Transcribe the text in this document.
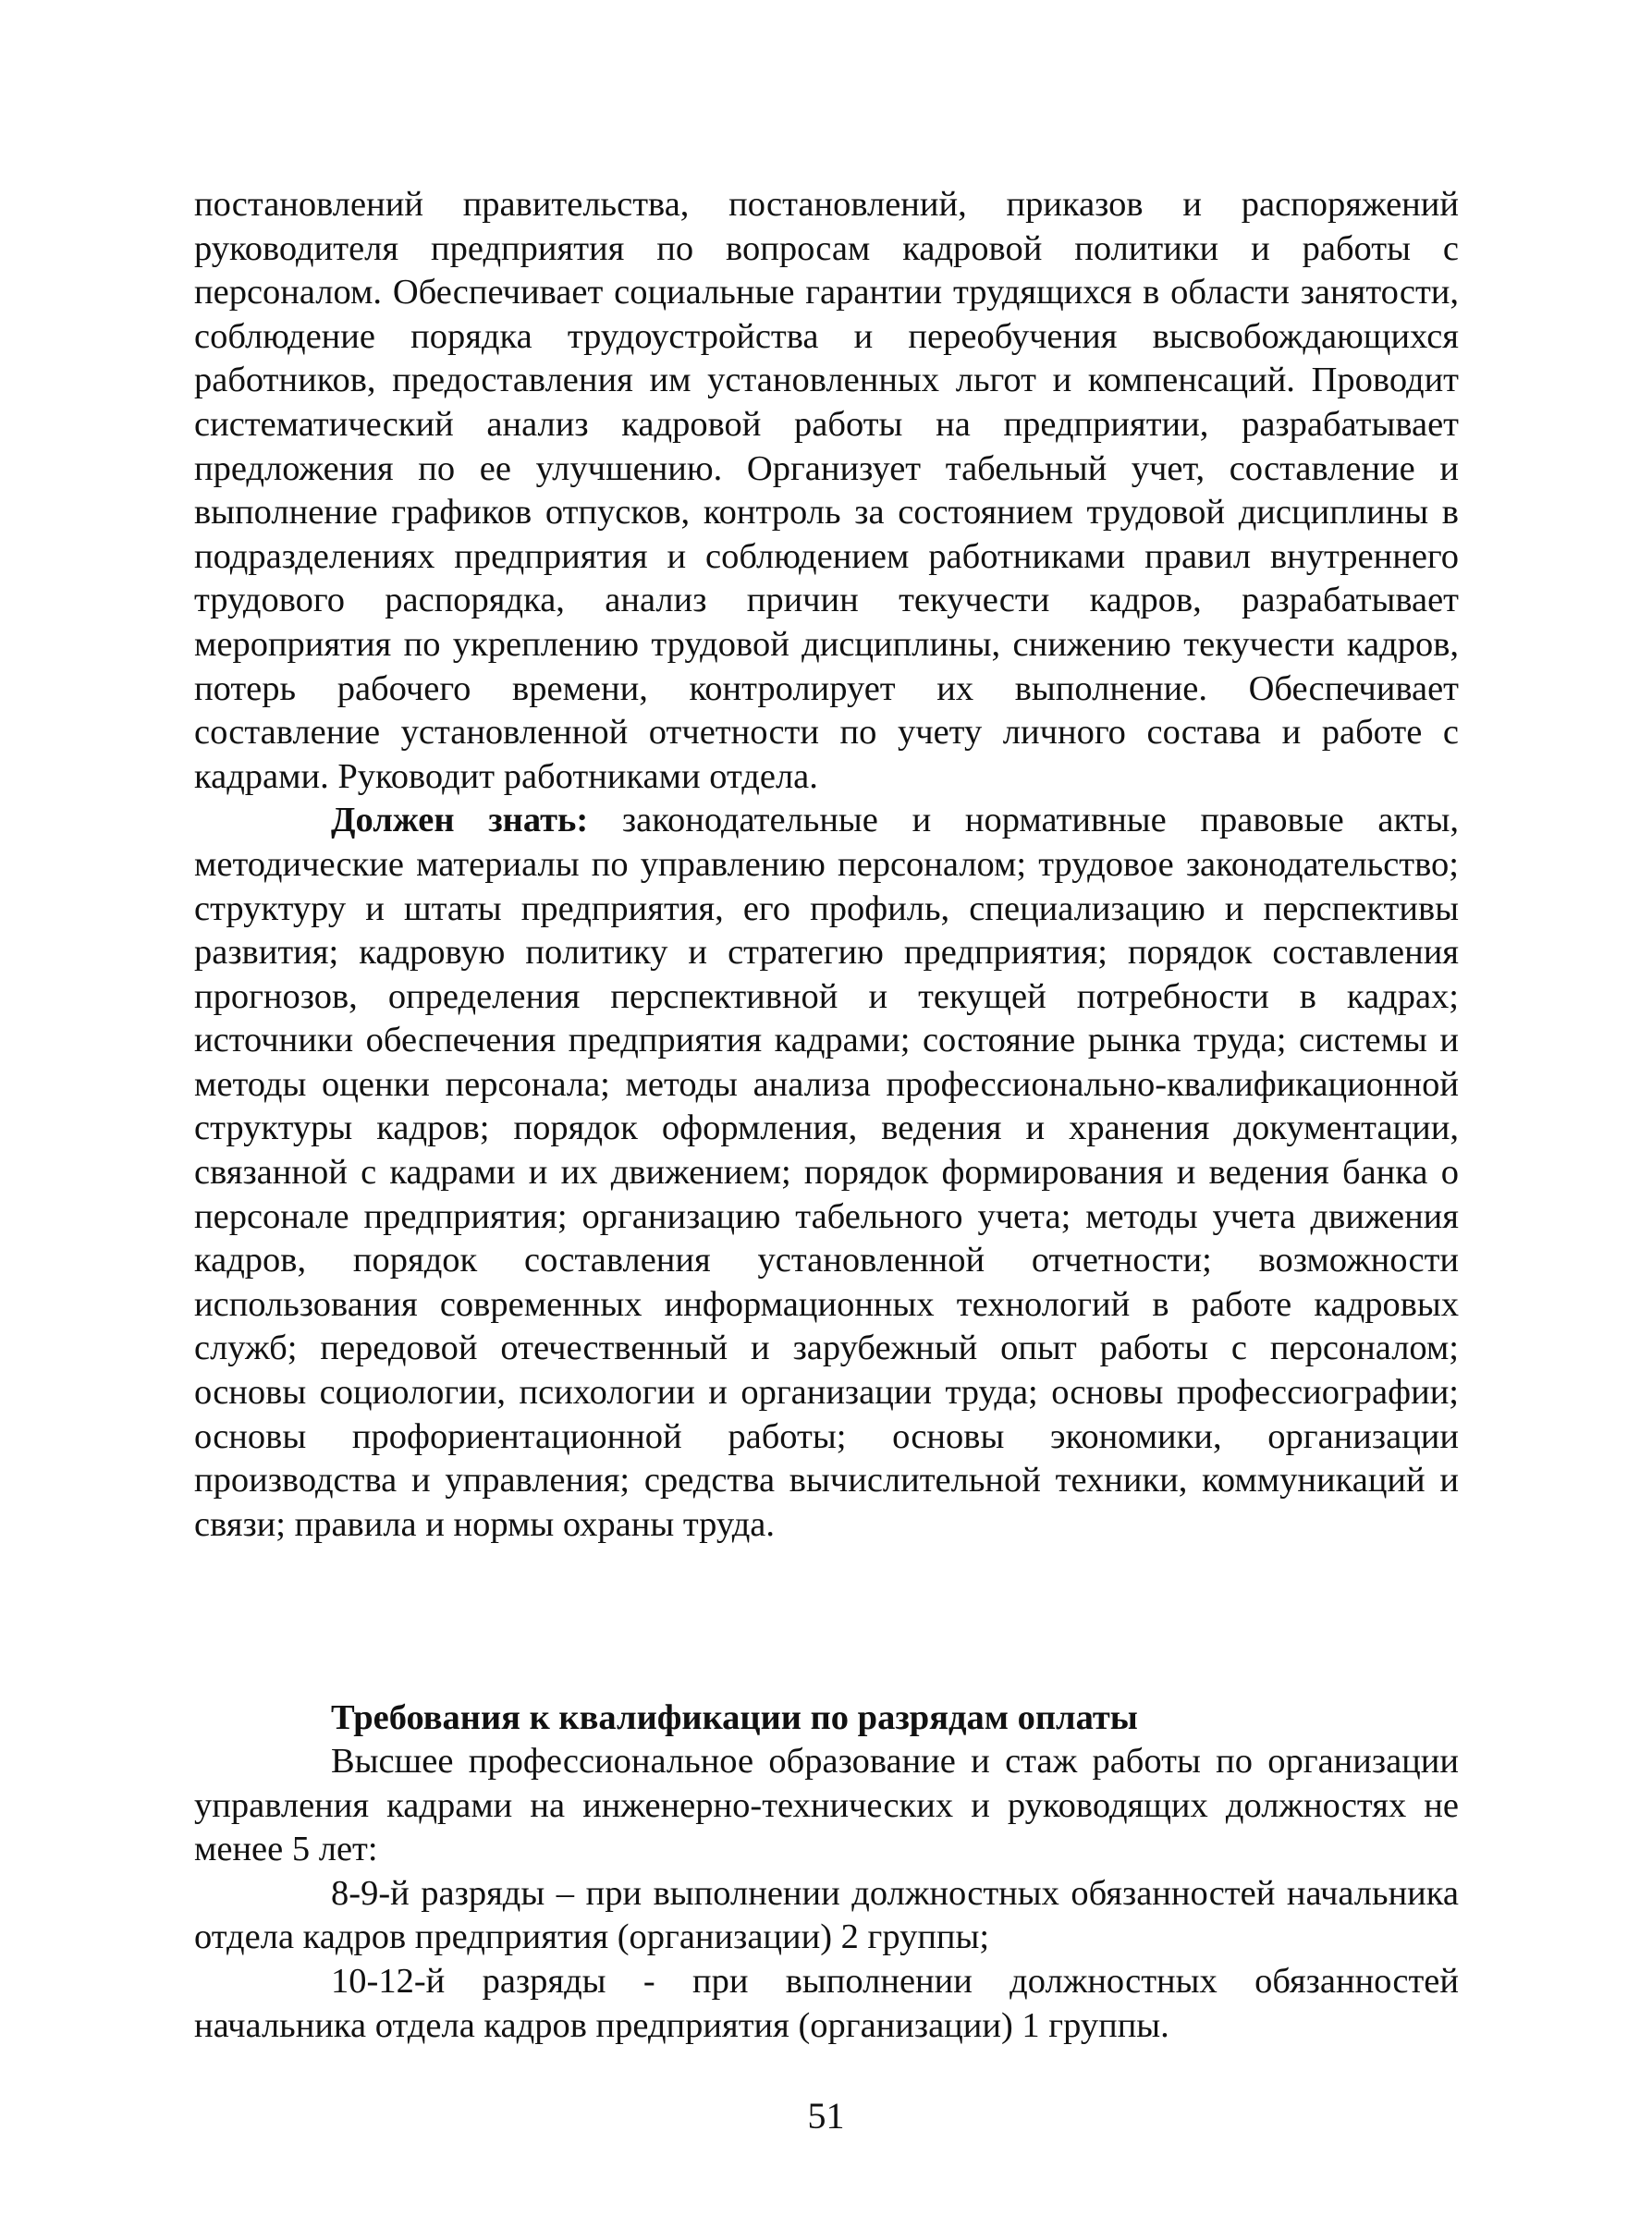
постановлений правительства, постановлений, приказов и распоряжений руководителя предприятия по вопросам кадровой политики и работы с персоналом. Обеспечивает социальные гарантии трудящихся в области занятости, соблюдение порядка трудоустройства и переобучения высвобождающихся работников, предоставления им установленных льгот и компенсаций. Проводит систематический анализ кадровой работы на предприятии, разрабатывает предложения по ее улучшению. Организует табельный учет, составление и выполнение графиков отпусков, контроль за состоянием трудовой дисциплины в подразделениях предприятия и соблюдением работниками правил внутреннего трудового распорядка, анализ причин текучести кадров, разрабатывает мероприятия по укреплению трудовой дисциплины, снижению текучести кадров, потерь рабочего времени, контролирует их выполнение. Обеспечивает составление установленной отчетности по учету личного состава и работе с кадрами. Руководит работниками отдела.

Должен знать: законодательные и нормативные правовые акты, методические материалы по управлению персоналом; трудовое законодательство; структуру и штаты предприятия, его профиль, специализацию и перспективы развития; кадровую политику и стратегию предприятия; порядок составления прогнозов, определения перспективной и текущей потребности в кадрах; источники обеспечения предприятия кадрами; состояние рынка труда; системы и методы оценки персонала; методы анализа профессионально-квалификационной структуры кадров; порядок оформления, ведения и хранения документации, связанной с кадрами и их движением; порядок формирования и ведения банка о персонале предприятия; организацию табельного учета; методы учета движения кадров, порядок составления установленной отчетности; возможности использования современных информационных технологий в работе кадровых служб; передовой отечественный и зарубежный опыт работы с персоналом; основы социологии, психологии и организации труда; основы профессиографии; основы профориентационной работы; основы экономики, организации производства и управления; средства вычислительной техники, коммуникаций и связи; правила и нормы охраны труда.

Требования к квалификации по разрядам оплаты

Высшее профессиональное образование и стаж работы по организации управления кадрами на инженерно-технических и руководящих должностях не менее 5 лет:

8-9-й разряды – при выполнении должностных обязанностей начальника отдела кадров предприятия (организации) 2 группы;

10-12-й разряды - при выполнении должностных обязанностей начальника отдела кадров предприятия (организации) 1 группы.

51
